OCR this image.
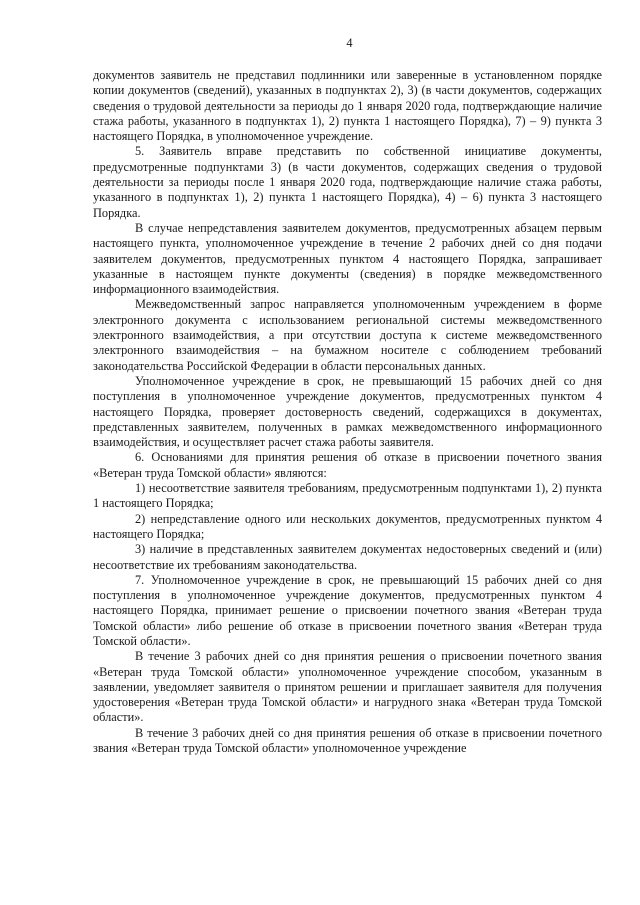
4

документов заявитель не представил подлинники или заверенные в установленном порядке копии документов (сведений), указанных в подпунктах 2), 3) (в части документов, содержащих сведения о трудовой деятельности за периоды до 1 января 2020 года, подтверждающие наличие стажа работы, указанного в подпунктах 1), 2) пункта 1 настоящего Порядка), 7) – 9) пункта 3 настоящего Порядка, в уполномоченное учреждение.

5. Заявитель вправе представить по собственной инициативе документы, предусмотренные подпунктами 3) (в части документов, содержащих сведения о трудовой деятельности за периоды после 1 января 2020 года, подтверждающие наличие стажа работы, указанного в подпунктах 1), 2) пункта 1 настоящего Порядка), 4) – 6) пункта 3 настоящего Порядка.

В случае непредставления заявителем документов, предусмотренных абзацем первым настоящего пункта, уполномоченное учреждение в течение 2 рабочих дней со дня подачи заявителем документов, предусмотренных пунктом 4 настоящего Порядка, запрашивает указанные в настоящем пункте документы (сведения) в порядке межведомственного информационного взаимодействия.

Межведомственный запрос направляется уполномоченным учреждением в форме электронного документа с использованием региональной системы межведомственного электронного взаимодействия, а при отсутствии доступа к системе межведомственного электронного взаимодействия – на бумажном носителе с соблюдением требований законодательства Российской Федерации в области персональных данных.

Уполномоченное учреждение в срок, не превышающий 15 рабочих дней со дня поступления в уполномоченное учреждение документов, предусмотренных пунктом 4 настоящего Порядка, проверяет достоверность сведений, содержащихся в документах, представленных заявителем, полученных в рамках межведомственного информационного взаимодействия, и осуществляет расчет стажа работы заявителя.

6. Основаниями для принятия решения об отказе в присвоении почетного звания «Ветеран труда Томской области» являются:

1) несоответствие заявителя требованиям, предусмотренным подпунктами 1), 2) пункта 1 настоящего Порядка;

2) непредставление одного или нескольких документов, предусмотренных пунктом 4 настоящего Порядка;

3) наличие в представленных заявителем документах недостоверных сведений и (или) несоответствие их требованиям законодательства.

7. Уполномоченное учреждение в срок, не превышающий 15 рабочих дней со дня поступления в уполномоченное учреждение документов, предусмотренных пунктом 4 настоящего Порядка, принимает решение о присвоении почетного звания «Ветеран труда Томской области» либо решение об отказе в присвоении почетного звания «Ветеран труда Томской области».

В течение 3 рабочих дней со дня принятия решения о присвоении почетного звания «Ветеран труда Томской области» уполномоченное учреждение способом, указанным в заявлении, уведомляет заявителя о принятом решении и приглашает заявителя для получения удостоверения «Ветеран труда Томской области» и нагрудного знака «Ветеран труда Томской области».

В течение 3 рабочих дней со дня принятия решения об отказе в присвоении почетного звания «Ветеран труда Томской области» уполномоченное учреждение
